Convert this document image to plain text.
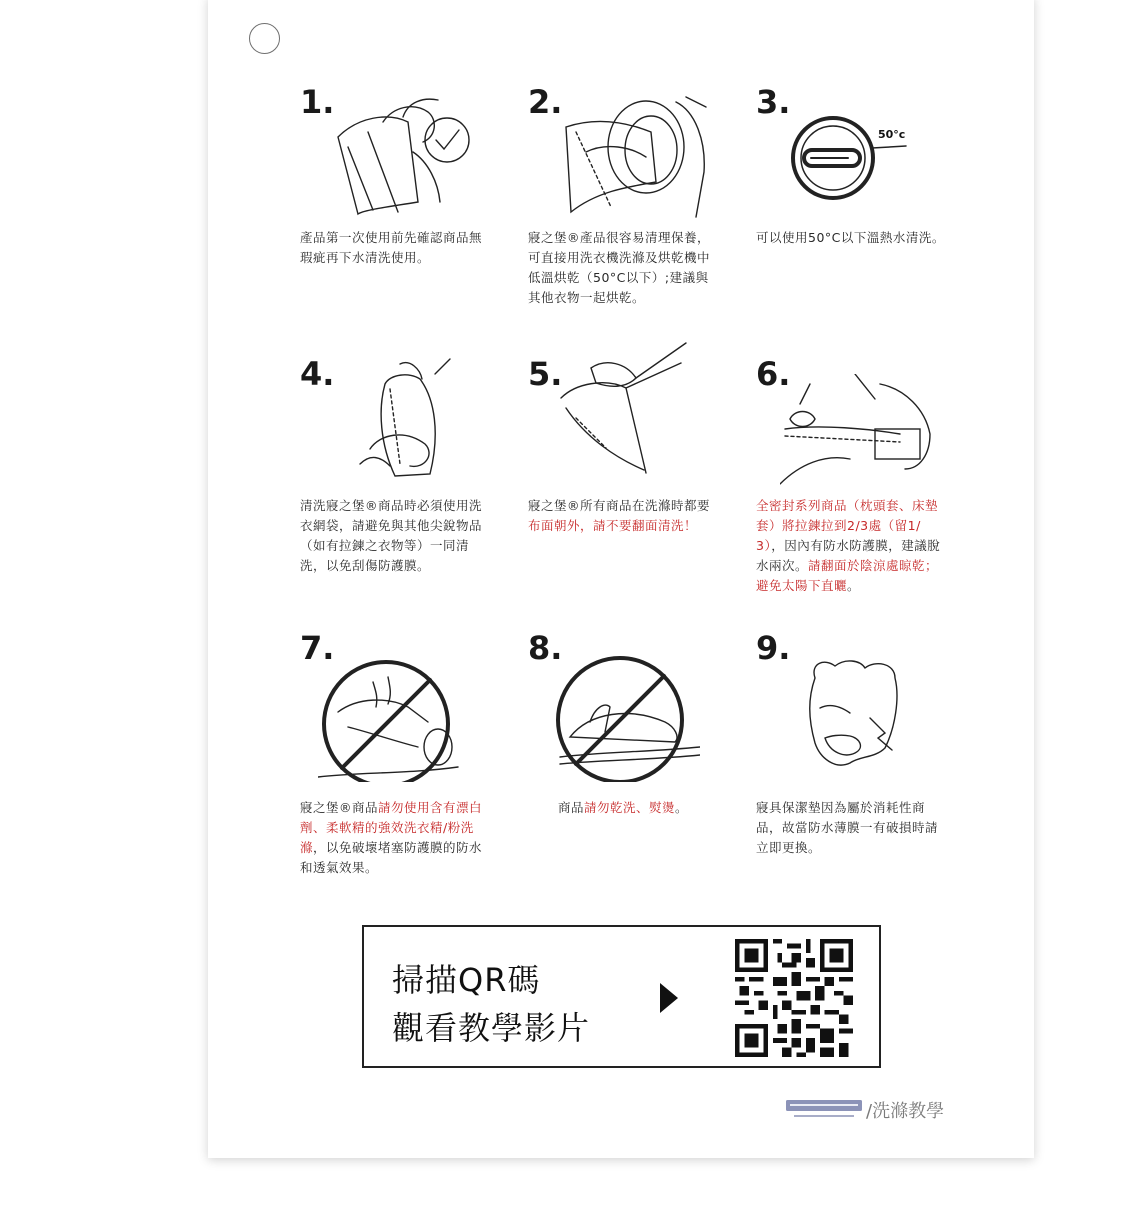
1.
產品第一次使用前先確認商品無瑕疵再下水清洗使用。
2.
寢之堡®產品很容易清理保養，可直接用洗衣機洗滌及烘乾機中低溫烘乾（50°C以下）;建議與其他衣物一起烘乾。
3.
50°c
可以使用50°C以下溫熱水清洗。
4.
清洗寢之堡®商品時必須使用洗衣網袋，請避免與其他尖銳物品（如有拉鍊之衣物等）一同清洗，以免刮傷防護膜。
5.
寢之堡®所有商品在洗滌時都要布面朝外，請不要翻面清洗！
6.
全密封系列商品（枕頭套、床墊套）將拉鍊拉到2/3處（留1/3），因內有防水防護膜，建議脫水兩次。請翻面於陰涼處晾乾；避免太陽下直曬。
7.
寢之堡®商品請勿使用含有漂白劑、柔軟精的強效洗衣精/粉洗滌，以免破壞堵塞防護膜的防水和透氣效果。
8.
商品請勿乾洗、熨燙。
9.
寢具保潔墊因為屬於消耗性商品，故當防水薄膜一有破損時請立即更換。
掃描QR碼
觀看教學影片
/洗滌教學
